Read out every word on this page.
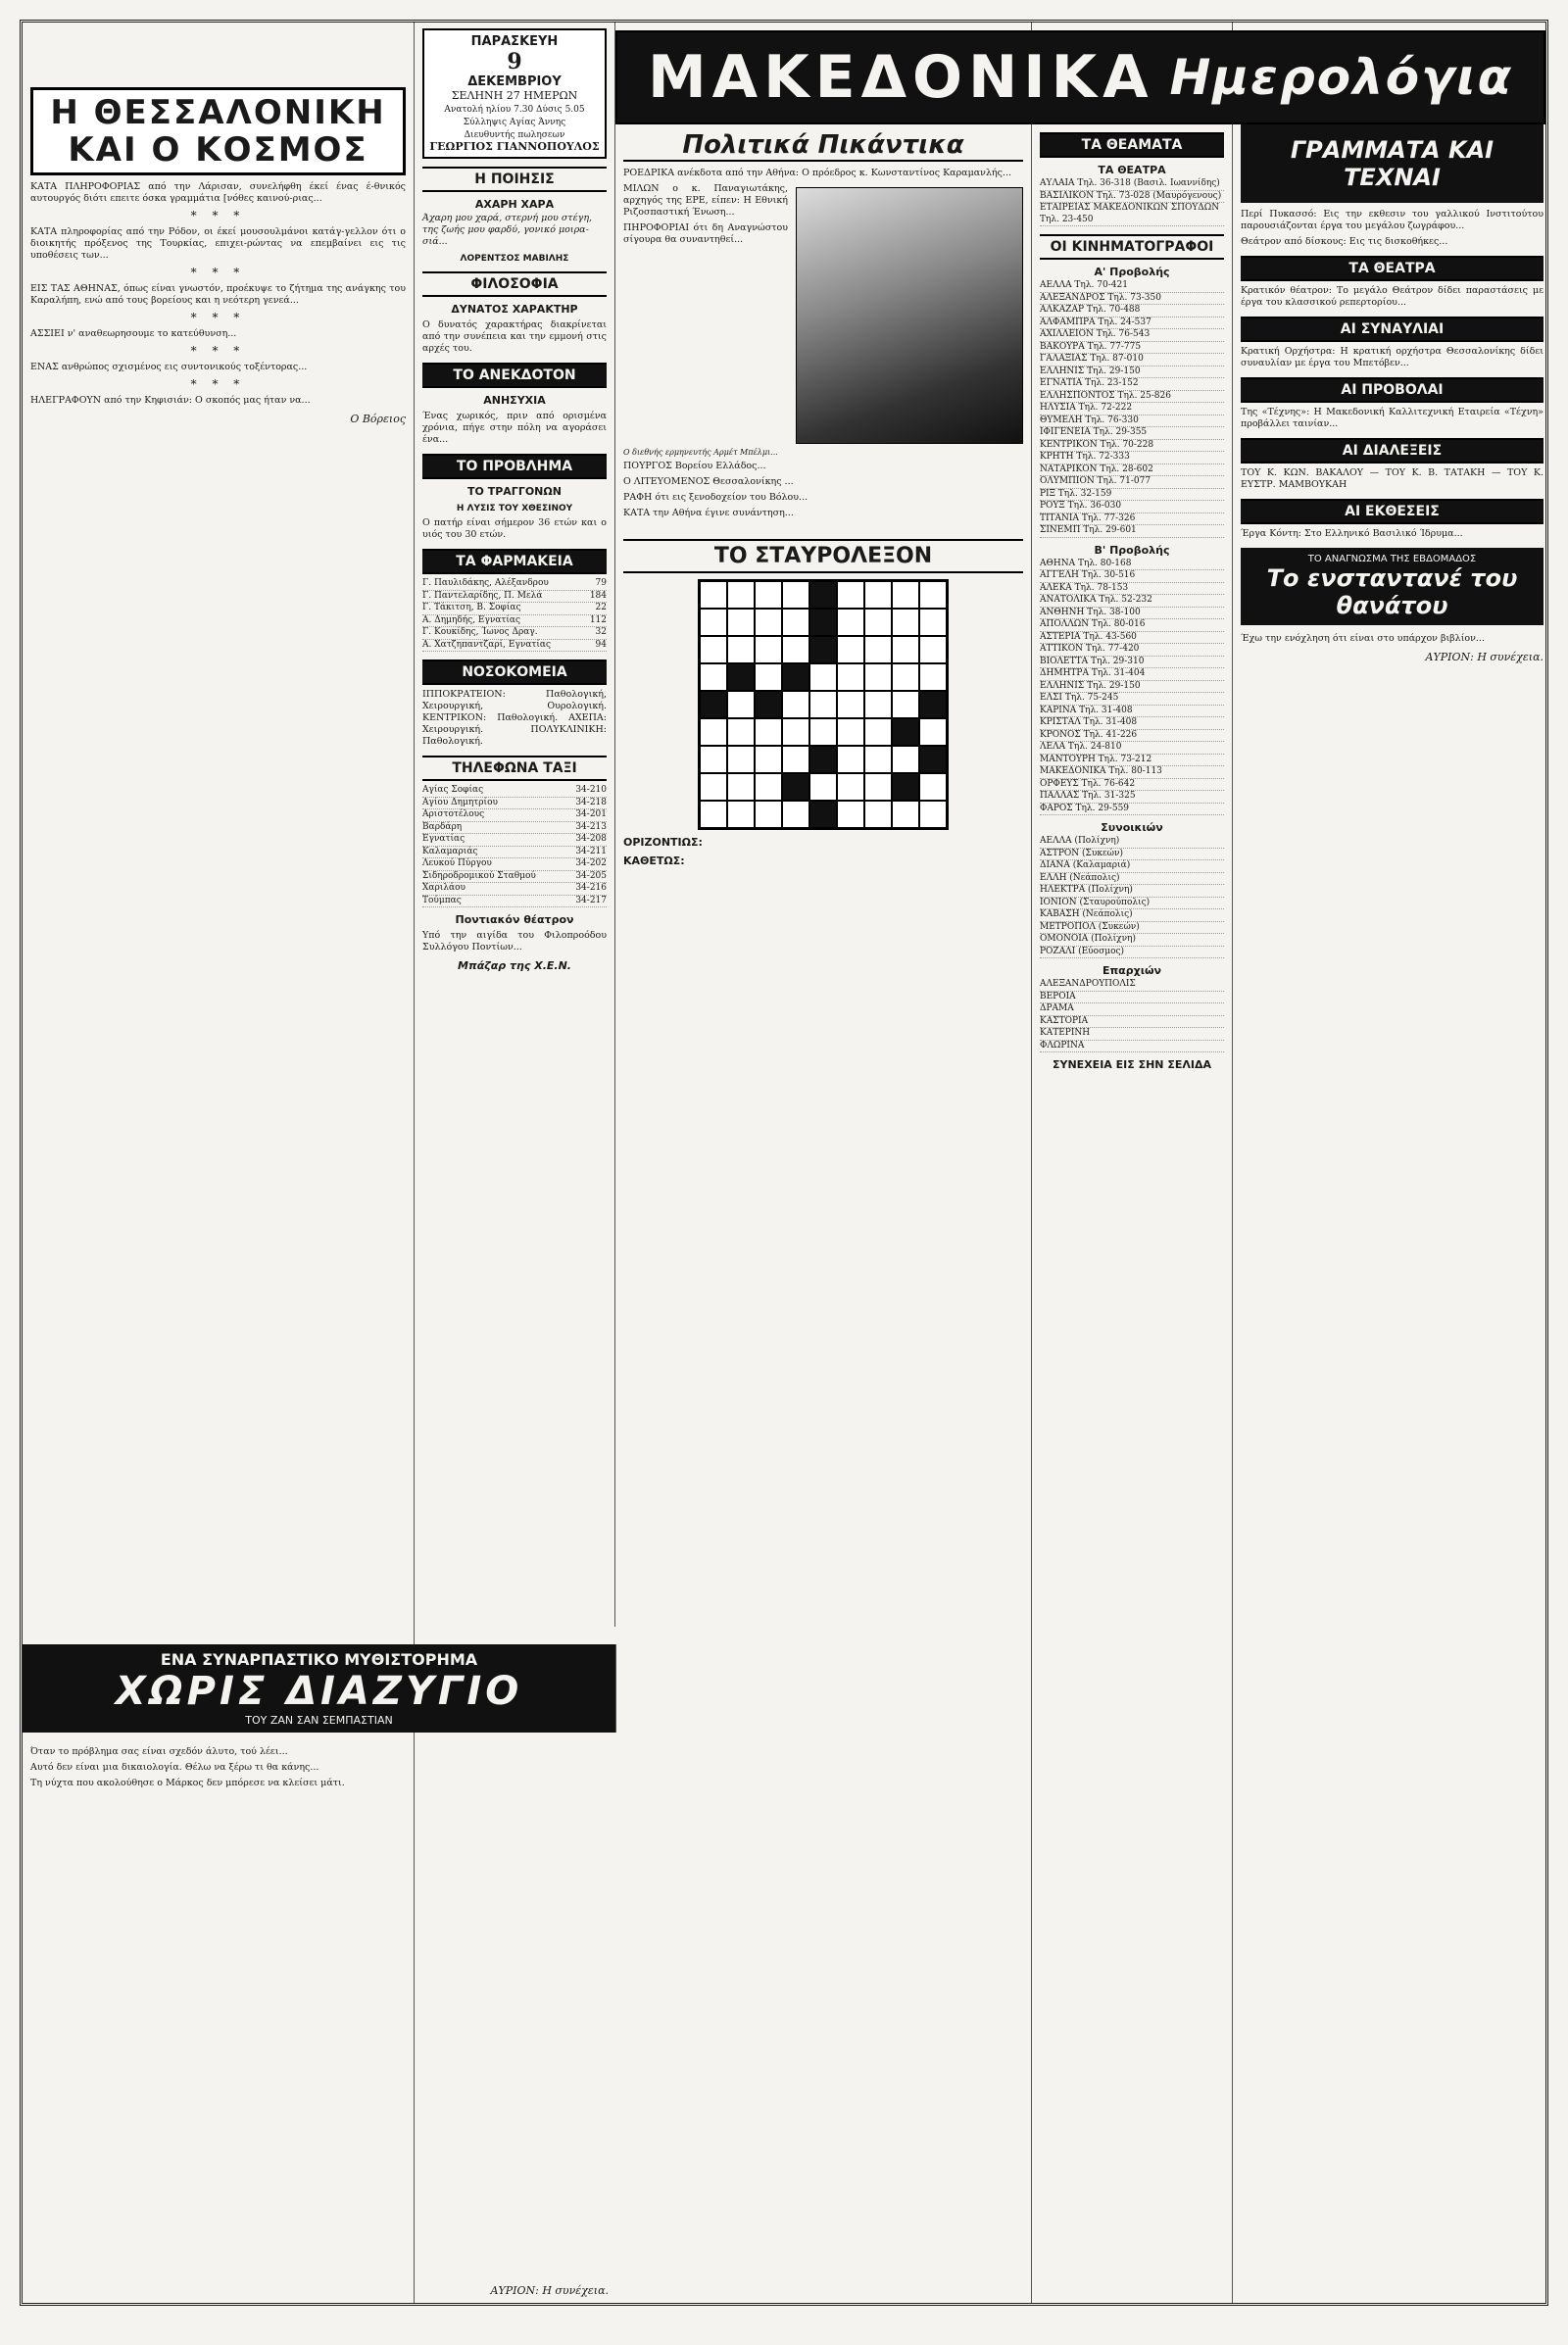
ΜΑΚΕΔΟΝΙΚΑ Ημερολόγια
Η ΘΕΣΣΑΛΟΝΙΚΗ ΚΑΙ Ο ΚΟΣΜΟΣ

ΚΑΤΑ ΠΛΗΡΟΦΟΡΙΑΣ από την Λάρισαν, συνελήφθη έκεί ένας έ-θνικός αυτουργός διότι επειτε όσκα γραμμάτια [νόθες καινού-ριας...

* * *

ΚΑΤΑ πληροφορίας από την Ρόδον, οι έκεί μουσουλμάνοι κατάγ-γελλον ότι ο διοικητής πρόξενος της Τουρκίας, επιχει-ρώντας να επεμβαίνει εις τις υποθέσεις των...

* * *

ΕΙΣ ΤΑΣ ΑΘΗΝΑΣ, όπως είναι γνωστόν, προέκυψε το ζήτημα της ανάγκης του Καραλήπη, ενώ από τους βορείους και η νεότερη γενεά...

* * *

ΑΣΣΙΕΙ ν' αναθεωρησουμε το κατεύθυνση...

* * *

ΕΝΑΣ ανθρώπος σχισμένος εις συντονικούς τοξέντορας...

* * *

ΗΛΕΓΡΑΦΟΥΝ από την Κηφισιάν: Ο σκοπός μας ήταν να...

Ο Βόρειος
ΕΝΑ ΣΥΝΑΡΠΑΣΤΙΚΟ ΜΥΘΙΣΤΟΡΗΜΑ
ΧΩΡΙΣ ΔΙΑΖΥΓΙΟ
ΤΟΥ ΖΑΝ ΣΑΝ ΣΕΜΠΑΣΤΙΑΝ

Όταν το πρόβλημα σας είναι σχεδόν άλυτο, τού λέει...

Αυτό δεν είναι μια δικαιολογία. Θέλω να ξέρω τι θα κάνης...

Τη νύχτα που ακολούθησε ο Μάρκος δεν μπόρεσε να κλείσει μάτι.

ΠΑΡΑΣΚΕΥΗ
9
ΔΕΚΕΜΒΡΙΟΥ
ΣΕΛΗΝΗ 27 ΗΜΕΡΩΝ
Ανατολή ηλίου 7.30 Δύσις 5.05
Σύλληψις Αγίας Άννης
Διευθυντής πωλησεων
ΓΕΩΡΓΙΟΣ ΓΙΑΝΝΟΠΟΥΛΟΣ
Η ΠΟΙΗΣΙΣ
ΑΧΑΡΗ ΧΑΡΑ
Άχαρη μου χαρά, στερνή μου στέγη, της ζωής μου φαρδύ, γονικό μοιρα-σιά...
ΛΟΡΕΝΤΣΟΣ ΜΑΒΙΛΗΣ
ΦΙΛΟΣΟΦΙΑ
ΔΥΝΑΤΟΣ ΧΑΡΑΚΤΗΡ

Ο δυνατός χαρακτήρας διακρίνεται από την συνέπεια και την εμμονή στις αρχές του.

ΤΟ ΑΝΕΚΔΟΤΟΝ
ΑΝΗΣΥΧΙΑ

Ένας χωρικός, πριν από ορισμένα χρόνια, πήγε στην πόλη να αγοράσει ένα...

ΤΟ ΠΡΟΒΛΗΜΑ
ΤΟ ΤΡΑΓΓΟΝΩΝ
Η ΛΥΣΙΣ ΤΟΥ ΧΘΕΣΙΝΟΥ

Ο πατήρ είναι σήμερον 36 ετών και ο υιός του 30 ετών.

ΤΑ ΦΑΡΜΑΚΕΙΑ
Γ. Παυλιδάκης, Αλέξανδρου	79
Γ. Παντελαρίδης, Π. Μελά	184
Γ. Τάκιτση, Β. Σοφίας	22
Α. Δημηδής, Εγνατίας	112
Γ. Κουκίδης, Ίωνος Δραγ.	32
Α. Χατζηπαντζαρί, Εγνατίας	94
ΝΟΣΟΚΟΜΕΙΑ

ΙΠΠΟΚΡΑΤΕΙΟΝ: Παθολογική, Χειρουργική, Ουρολογική. ΚΕΝΤΡΙΚΟΝ: Παθολογική. ΑΧΕΠΑ: Χειρουργική. ΠΟΛΥΚΛΙΝΙΚΗ: Παθολογική.

ΤΗΛΕΦΩΝΑ ΤΑΞΙ
Αγίας Σοφίας	34-210
Αγίου Δημητρίου	34-218
Αριστοτέλους	34-201
Βαρδάρη	34-213
Εγνατίας	34-208
Καλαμαριάς	34-211
Λευκού Πύργου	34-202
Σιδηροδρομικού Σταθμού	34-205
Χαριλάου	34-216
Τούμπας	34-217
Ποντιακόν θέατρον

Υπό την αιγίδα του Φιλοπροόδου Συλλόγου Ποντίων...

Μπάζαρ της Χ.Ε.Ν.
Πολιτικά Πικάντικα

ΡΟΕΔΡΙΚΑ ανέκδοτα από την Αθήνα: Ο πρόεδρος κ. Κωνσταντίνος Καραμανλής...

ΜΙΛΩΝ ο κ. Παναγιωτάκης, αρχηγός της ΕΡΕ, είπεν: Η Εθνική Ριζοσπαστική Ένωση...

ΠΗΡΟΦΟΡΙΑΙ ότι δη Αναγνώστου σίγουρα θα συναντηθεί...

Ο διεθνής ερμηνευτής Αρμέτ Μπέλμι...

ΠΟΥΡΓΟΣ Βορείου Ελλάδος...

Ο ΛΙΤΕΥΟΜΕΝΟΣ Θεσσαλονίκης ...

ΡΑΦΗ ότι εις ξενοδοχείον του Βόλου...

ΚΑΤΑ την Αθήνα έγινε συνάντηση...

ΤΟ ΣΤΑΥΡΟΛΕΞΟΝ
ΟΡΙΖΟΝΤΙΩΣ:
ΚΑΘΕΤΩΣ:
ΤΑ ΘΕΑΜΑΤΑ
ΤΑ ΘΕΑΤΡΑ
ΑΥΛΑΙΑ Τηλ. 36-318 (Βασιλ. Ιωαννίδης)
ΒΑΣΙΛΙΚΟΝ Τηλ. 73-028 (Μαυρόγενους)
ΕΤΑΙΡΕΙΑΣ ΜΑΚΕΔΟΝΙΚΩΝ ΣΠΟΥΔΩΝ Τηλ. 23-450
ΟΙ ΚΙΝΗΜΑΤΟΓΡΑΦΟΙ
Α' Προβολής
ΑΕΛΛΑ Τηλ. 70-421
ΑΛΕΞΑΝΔΡΟΣ Τηλ. 73-350
ΑΛΚΑΖΑΡ Τηλ. 70-488
ΑΛΦΑΜΠΡΑ Τηλ. 24-537
ΑΧΙΛΛΕΙΟΝ Τηλ. 76-543
ΒΑΚΟΥΡΑ Τηλ. 77-775
ΓΑΛΑΞΙΑΣ Τηλ. 87-010
ΕΛΛΗΝΙΣ Τηλ. 29-150
ΕΓΝΑΤΙΑ Τηλ. 23-152
ΕΛΛΗΣΠΟΝΤΟΣ Τηλ. 25-826
ΗΛΥΣΙΑ Τηλ. 72-222
ΘΥΜΕΛΗ Τηλ. 76-330
ΙΦΙΓΕΝΕΙΑ Τηλ. 29-355
ΚΕΝΤΡΙΚΟΝ Τηλ. 70-228
ΚΡΗΤΗ Τηλ. 72-333
ΝΑΤΑΡΙΚΟΝ Τηλ. 28-602
ΟΛΥΜΠΙΟΝ Τηλ. 71-077
ΡΙΞ Τηλ. 32-159
ΡΟΥΞ Τηλ. 36-030
ΤΙΤΑΝΙΑ Τηλ. 77-326
ΣΙΝΕΜΠ Τηλ. 29-601
Β' Προβολής
ΑΘΗΝΑ Τηλ. 80-168
ΑΓΓΕΛΗ Τηλ. 30-516
ΑΛΕΚΑ Τηλ. 78-153
ΑΝΑΤΟΛΙΚΑ Τηλ. 52-232
ΑΝΘΗΝΗ Τηλ. 38-100
ΑΠΟΛΛΩΝ Τηλ. 80-016
ΑΣΤΕΡΙΑ Τηλ. 43-560
ΑΤΤΙΚΟΝ Τηλ. 77-420
ΒΙΟΛΕΤΤΑ Τηλ. 29-310
ΔΗΜΗΤΡΑ Τηλ. 31-404
ΕΛΛΗΝΙΣ Τηλ. 29-150
ΕΛΣΙ Τηλ. 75-245
ΚΑΡΙΝΑ Τηλ. 31-408
ΚΡΙΣΤΑΛ Τηλ. 31-408
ΚΡΟΝΟΣ Τηλ. 41-226
ΛΕΛΑ Τηλ. 24-810
ΜΑΝΤΟΥΡΗ Τηλ. 73-212
ΜΑΚΕΔΟΝΙΚΑ Τηλ. 80-113
ΟΡΦΕΥΣ Τηλ. 76-642
ΠΑΛΛΑΣ Τηλ. 31-325
ΦΑΡΟΣ Τηλ. 29-559
Συνοικιών
ΑΕΛΛΑ (Πολίχνη)
ΑΣΤΡΟΝ (Συκεών)
ΔΙΑΝΑ (Καλαμαριά)
ΕΛΛΗ (Νεάπολις)
ΗΛΕΚΤΡΑ (Πολίχνη)
ΙΟΝΙΟΝ (Σταυρούπολις)
ΚΑΒΑΣΗ (Νεάπολις)
ΜΕΤΡΟΠΟΛ (Συκεών)
ΟΜΟΝΟΙΑ (Πολίχνη)
ΡΟΖΑΛΙ (Εύοσμος)
Επαρχιών
ΑΛΕΞΑΝΔΡΟΥΠΟΛΙΣ
ΒΕΡΟΙΑ
ΔΡΑΜΑ
ΚΑΣΤΟΡΙΑ
ΚΑΤΕΡΙΝΗ
ΦΛΩΡΙΝΑ
ΣΥΝΕΧΕΙΑ ΕΙΣ ΣΗΝ ΣΕΛΙΔΑ
ΓΡΑΜΜΑΤΑ ΚΑΙ ΤΕΧΝΑΙ

Περί Πυκασσό: Εις την εκθεσιν του γαλλικού Ινστιτούτου παρουσιάζονται έργα του μεγάλου ζωγράφου...

Θεάτρον από δίσκους: Εις τις δισκοθήκες...

ΤΑ ΘΕΑΤΡΑ

Κρατικόν θέατρον: Το μεγάλο Θεάτρον δίδει παραστάσεις με έργα του κλασσικού ρεπερτορίου...

ΑΙ ΣΥΝΑΥΛΙΑΙ

Κρατική Ορχήστρα: Η κρατική ορχήστρα Θεσσαλονίκης δίδει συναυλίαν με έργα του Μπετόβεν...

ΑΙ ΠΡΟΒΟΛΑΙ

Της «Τέχνης»: Η Μακεδονική Καλλιτεχνική Εταιρεία «Τέχνη» προβάλλει ταινίαν...

ΑΙ ΔΙΑΛΕΞΕΙΣ

ΤΟΥ Κ. ΚΩΝ. ΒΑΚΑΛΟΥ — ΤΟΥ Κ. Β. ΤΑΤΑΚΗ — ΤΟΥ Κ. ΕΥΣΤΡ. ΜΑΜΒΟΥΚΑΗ

ΑΙ ΕΚΘΕΣΕΙΣ

Έργα Κόντη: Στο Ελληνικό Βασιλικό Ίδρυμα...

ΤΟ ΑΝΑΓΝΩΣΜΑ ΤΗΣ ΕΒΔΟΜΑΔΟΣ
Το ενσταντανέ του θανάτου

Έχω την ενόχληση ότι είναι στο υπάρχον βιβλίον...

ΑΥΡΙΟΝ: Η συνέχεια.
ΑΥΡΙΟΝ: Η συνέχεια.
